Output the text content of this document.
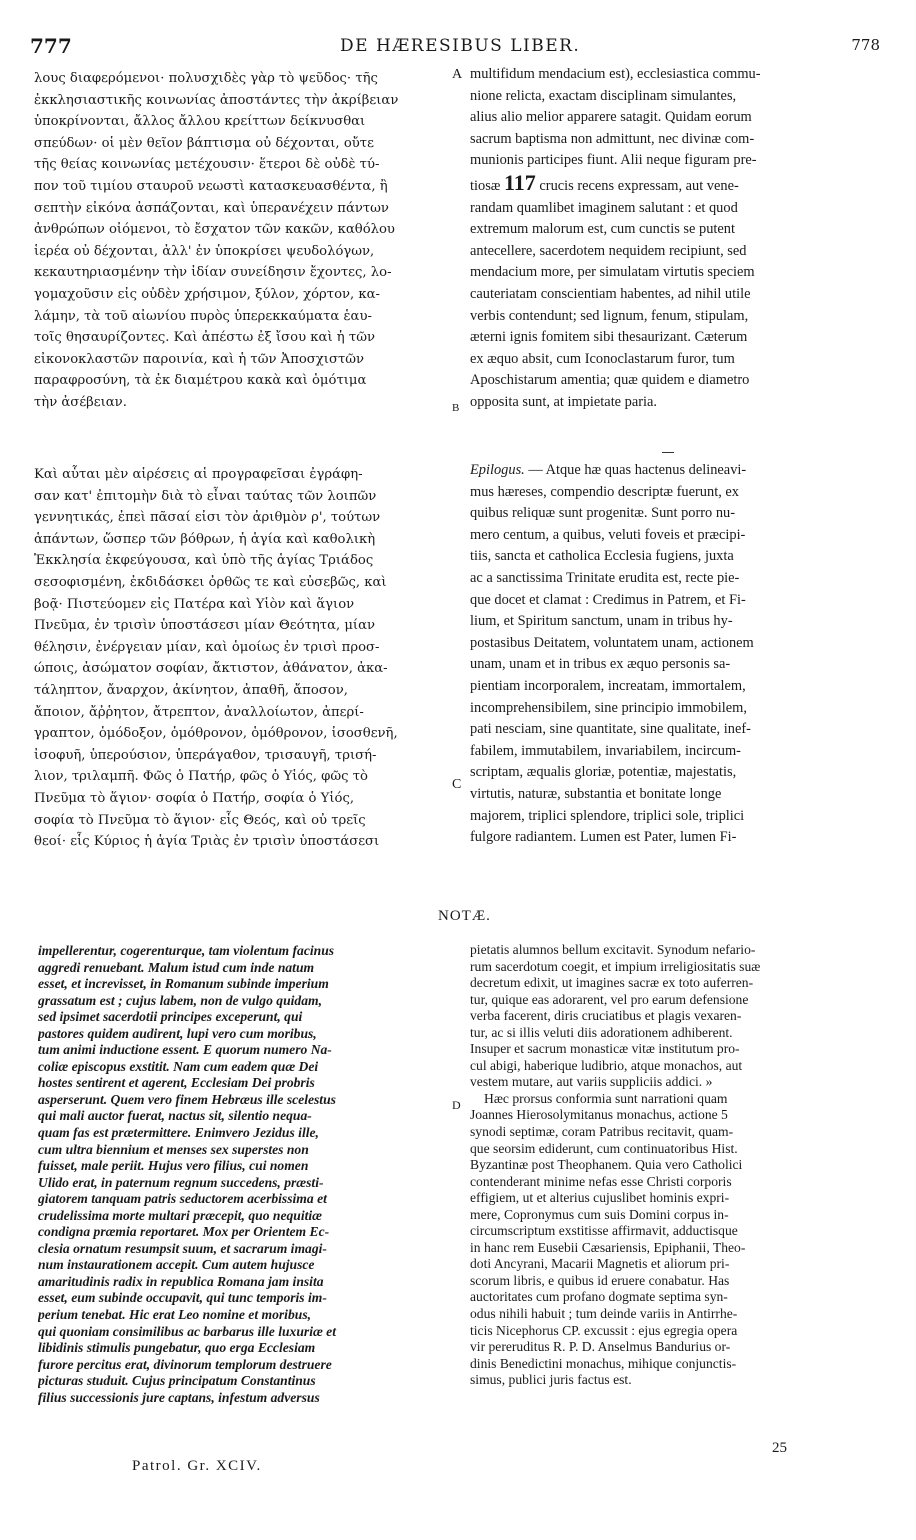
777	DE HÆRESIBUS LIBER.	778
λους διαφερόμενοι· πολυσχιδὲς γὰρ τὸ ψεῦδος· τῆς
ἐκκλησιαστικῆς κοινωνίας ἀποστάντες τὴν ἀκρίβειαν
ὑποκρίνονται, ἄλλος ἄλλου κρείττων δείκνυσθαι
σπεύδων· οἱ μὲν θεῖον βάπτισμα οὐ δέχονται, οὔτε
τῆς θείας κοινωνίας μετέχουσιν· ἕτεροι δὲ οὐδὲ τύ-
πον τοῦ τιμίου σταυροῦ νεωστὶ κατασκευασθέντα, ἢ
σεπτὴν εἰκόνα ἀσπάζονται, καὶ ὑπερανέχειν πάντων
ἀνθρώπων οἰόμενοι, τὸ ἔσχατον τῶν κακῶν, καθόλου
ἱερέα οὐ δέχονται, ἀλλ' ἐν ὑποκρίσει ψευδολόγων,
κεκαυτηριασμένην τὴν ἰδίαν συνείδησιν ἔχοντες, λο-
γομαχοῦσιν εἰς οὐδὲν χρήσιμον, ξύλον, χόρτον, κα-
λάμην, τὰ τοῦ αἰωνίου πυρὸς ὑπερεκκαύματα ἑαυ-
τοῖς θησαυρίζοντες. Καὶ ἀπέστω ἐξ ἴσου καὶ ἡ τῶν
εἰκονοκλαστῶν παροινία, καὶ ἡ τῶν Ἀποσχιστῶν
παραφροσύνη, τὰ ἐκ διαμέτρου κακὰ καὶ ὁμότιμα
τὴν ἀσέβειαν.
A
B
C
D
multifidum mendacium est), ecclesiastica commu-
nione relicta, exactam disciplinam simulantes,
alius alio melior apparere satagit. Quidam eorum
sacrum baptisma non admittunt, nec divinæ com-
munionis participes fiunt. Alii neque figuram pre-
tiosæ 117 crucis recens expressam, aut vene-
randam quamlibet imaginem salutant : et quod
extremum malorum est, cum cunctis se putent
antecellere, sacerdotem nequidem recipiunt, sed
mendacium more, per simulatam virtutis speciem
cauteriatam conscientiam habentes, ad nihil utile
verbis contendunt; sed lignum, fenum, stipulam,
æterni ignis fomitem sibi thesaurizant. Cæterum
ex æquo absit, cum Iconoclastarum furor, tum
Aposchistarum amentia; quæ quidem e diametro
opposita sunt, at impietate paria.
Καὶ αὗται μὲν αἱρέσεις αἱ προγραφεῖσαι ἐγράφη-
σαν κατ' ἐπιτομὴν διὰ τὸ εἶναι ταύτας τῶν λοιπῶν
γεννητικάς, ἐπεὶ πᾶσαί εἰσι τὸν ἀριθμὸν ρ', τούτων
ἁπάντων, ὥσπερ τῶν βόθρων, ἡ ἁγία καὶ καθολικὴ
Ἐκκλησία ἐκφεύγουσα, καὶ ὑπὸ τῆς ἁγίας Τριάδος
σεσοφισμένη, ἐκδιδάσκει ὀρθῶς τε καὶ εὐσεβῶς, καὶ
βοᾷ· Πιστεύομεν εἰς Πατέρα καὶ Υἱὸν καὶ ἅγιον
Πνεῦμα, ἐν τρισὶν ὑποστάσεσι μίαν Θεότητα, μίαν
θέλησιν, ἐνέργειαν μίαν, καὶ ὁμοίως ἐν τρισὶ προσ-
ώποις, ἀσώματον σοφίαν, ἄκτιστον, ἀθάνατον, ἀκα-
τάληπτον, ἄναρχον, ἀκίνητον, ἀπαθῆ, ἄποσον,
ἄποιον, ἄῤῥητον, ἄτρεπτον, ἀναλλοίωτον, ἀπερί-
γραπτον, ὁμόδοξον, ὁμόθρονον, ὁμόθρονον, ἰσοσθενῆ,
ἰσοφυῆ, ὑπερούσιον, ὑπεράγαθον, τρισαυγῆ, τρισή-
λιον, τριλαμπῆ. Φῶς ὁ Πατήρ, φῶς ὁ Υἱός, φῶς τὸ
Πνεῦμα τὸ ἅγιον· σοφία ὁ Πατήρ, σοφία ὁ Υἱός,
σοφία τὸ Πνεῦμα τὸ ἅγιον· εἷς Θεός, καὶ οὐ τρεῖς
θεοί· εἷς Κύριος ἡ ἁγία Τριὰς ἐν τρισὶν ὑποστάσεσι
Epilogus. — Atque hæ quas hactenus delineavi-
mus hæreses, compendio descriptæ fuerunt, ex
quibus reliquæ sunt progenitæ. Sunt porro nu-
mero centum, a quibus, veluti foveis et præcipi-
tiis, sancta et catholica Ecclesia fugiens, juxta
ac a sanctissima Trinitate erudita est, recte pie-
que docet et clamat : Credimus in Patrem, et Fi-
lium, et Spiritum sanctum, unam in tribus hy-
postasibus Deitatem, voluntatem unam, actionem
unam, unam et in tribus ex æquo personis sa-
pientiam incorporalem, increatam, immortalem,
incomprehensibilem, sine principio immobilem,
pati nesciam, sine quantitate, sine qualitate, inef-
fabilem, immutabilem, invariabilem, incircum-
scriptam, æqualis gloriæ, potentiæ, majestatis,
virtutis, naturæ, substantia et bonitate longe
majorem, triplici splendore, triplici sole, triplici
fulgore radiantem. Lumen est Pater, lumen Fi-
NOTÆ.
impellerentur, cogerenturque, tam violentum facinus
aggredi renuebant. Malum istud cum inde natum
esset, et increvisset, in Romanum subinde imperium
grassatum est ; cujus labem, non de vulgo quidam,
sed ipsimet sacerdotii principes exceperunt, qui
pastores quidem audirent, lupi vero cum moribus,
tum animi inductione essent. E quorum numero Na-
coliæ episcopus exstitit. Nam cum eadem quæ Dei
hostes sentirent et agerent, Ecclesiam Dei probris
asperserunt. Quem vero finem Hebræus ille scelestus
qui mali auctor fuerat, nactus sit, silentio nequa-
quam fas est prætermittere. Enimvero Jezidus ille,
cum ultra biennium et menses sex superstes non
fuisset, male periit. Hujus vero filius, cui nomen
Ulido erat, in paternum regnum succedens, præsti-
giatorem tanquam patris seductorem acerbissima et
crudelissima morte multari præcepit, quo nequitiæ
condigna præmia reportaret. Mox per Orientem Ec-
clesia ornatum resumpsit suum, et sacrarum imagi-
num instaurationem accepit. Cum autem hujusce
amaritudinis radix in republica Romana jam insita
esset, eum subinde occupavit, qui tunc temporis im-
perium tenebat. Hic erat Leo nomine et moribus,
qui quoniam consimilibus ac barbarus ille luxuriæ et
libidinis stimulis pungebatur, quo erga Ecclesiam
furore percitus erat, divinorum templorum destruere
picturas studuit. Cujus principatum Constantinus
filius successionis jure captans, infestum adversus
pietatis alumnos bellum excitavit. Synodum nefario-
rum sacerdotum coegit, et impium irreligiositatis suæ
decretum edixit, ut imagines sacræ ex toto auferren-
tur, quique eas adorarent, vel pro earum defensione
verba facerent, diris cruciatibus et plagis vexaren-
tur, ac si illis veluti diis adorationem adhiberent.
Insuper et sacrum monasticæ vitæ institutum pro-
cul abigi, haberique ludibrio, atque monachos, aut
vestem mutare, aut variis suppliciis addici. »
Hæc prorsus conformia sunt narrationi quam
Joannes Hierosolymitanus monachus, actione 5
synodi septimæ, coram Patribus recitavit, quam-
que seorsim ediderunt, cum continuatoribus Hist.
Byzantinæ post Theophanem. Quia vero Catholici
contenderant minime nefas esse Christi corporis
effigiem, ut et alterius cujuslibet hominis expri-
mere, Copronymus cum suis Domini corpus in-
circumscriptum exstitisse affirmavit, adductisque
in hanc rem Eusebii Cæsariensis, Epiphanii, Theo-
doti Ancyrani, Macarii Magnetis et aliorum pri-
scorum libris, e quibus id eruere conabatur. Has
auctoritates cum profano dogmate septima syn-
odus nihili habuit ; tum deinde variis in Antirrhe-
ticis Nicephorus CP. excussit : ejus egregia opera
vir pereruditus R. P. D. Anselmus Bandurius or-
dinis Benedictini monachus, mihique conjunctis-
simus, publici juris factus est.
25
Patrol. Gr. XCIV.
